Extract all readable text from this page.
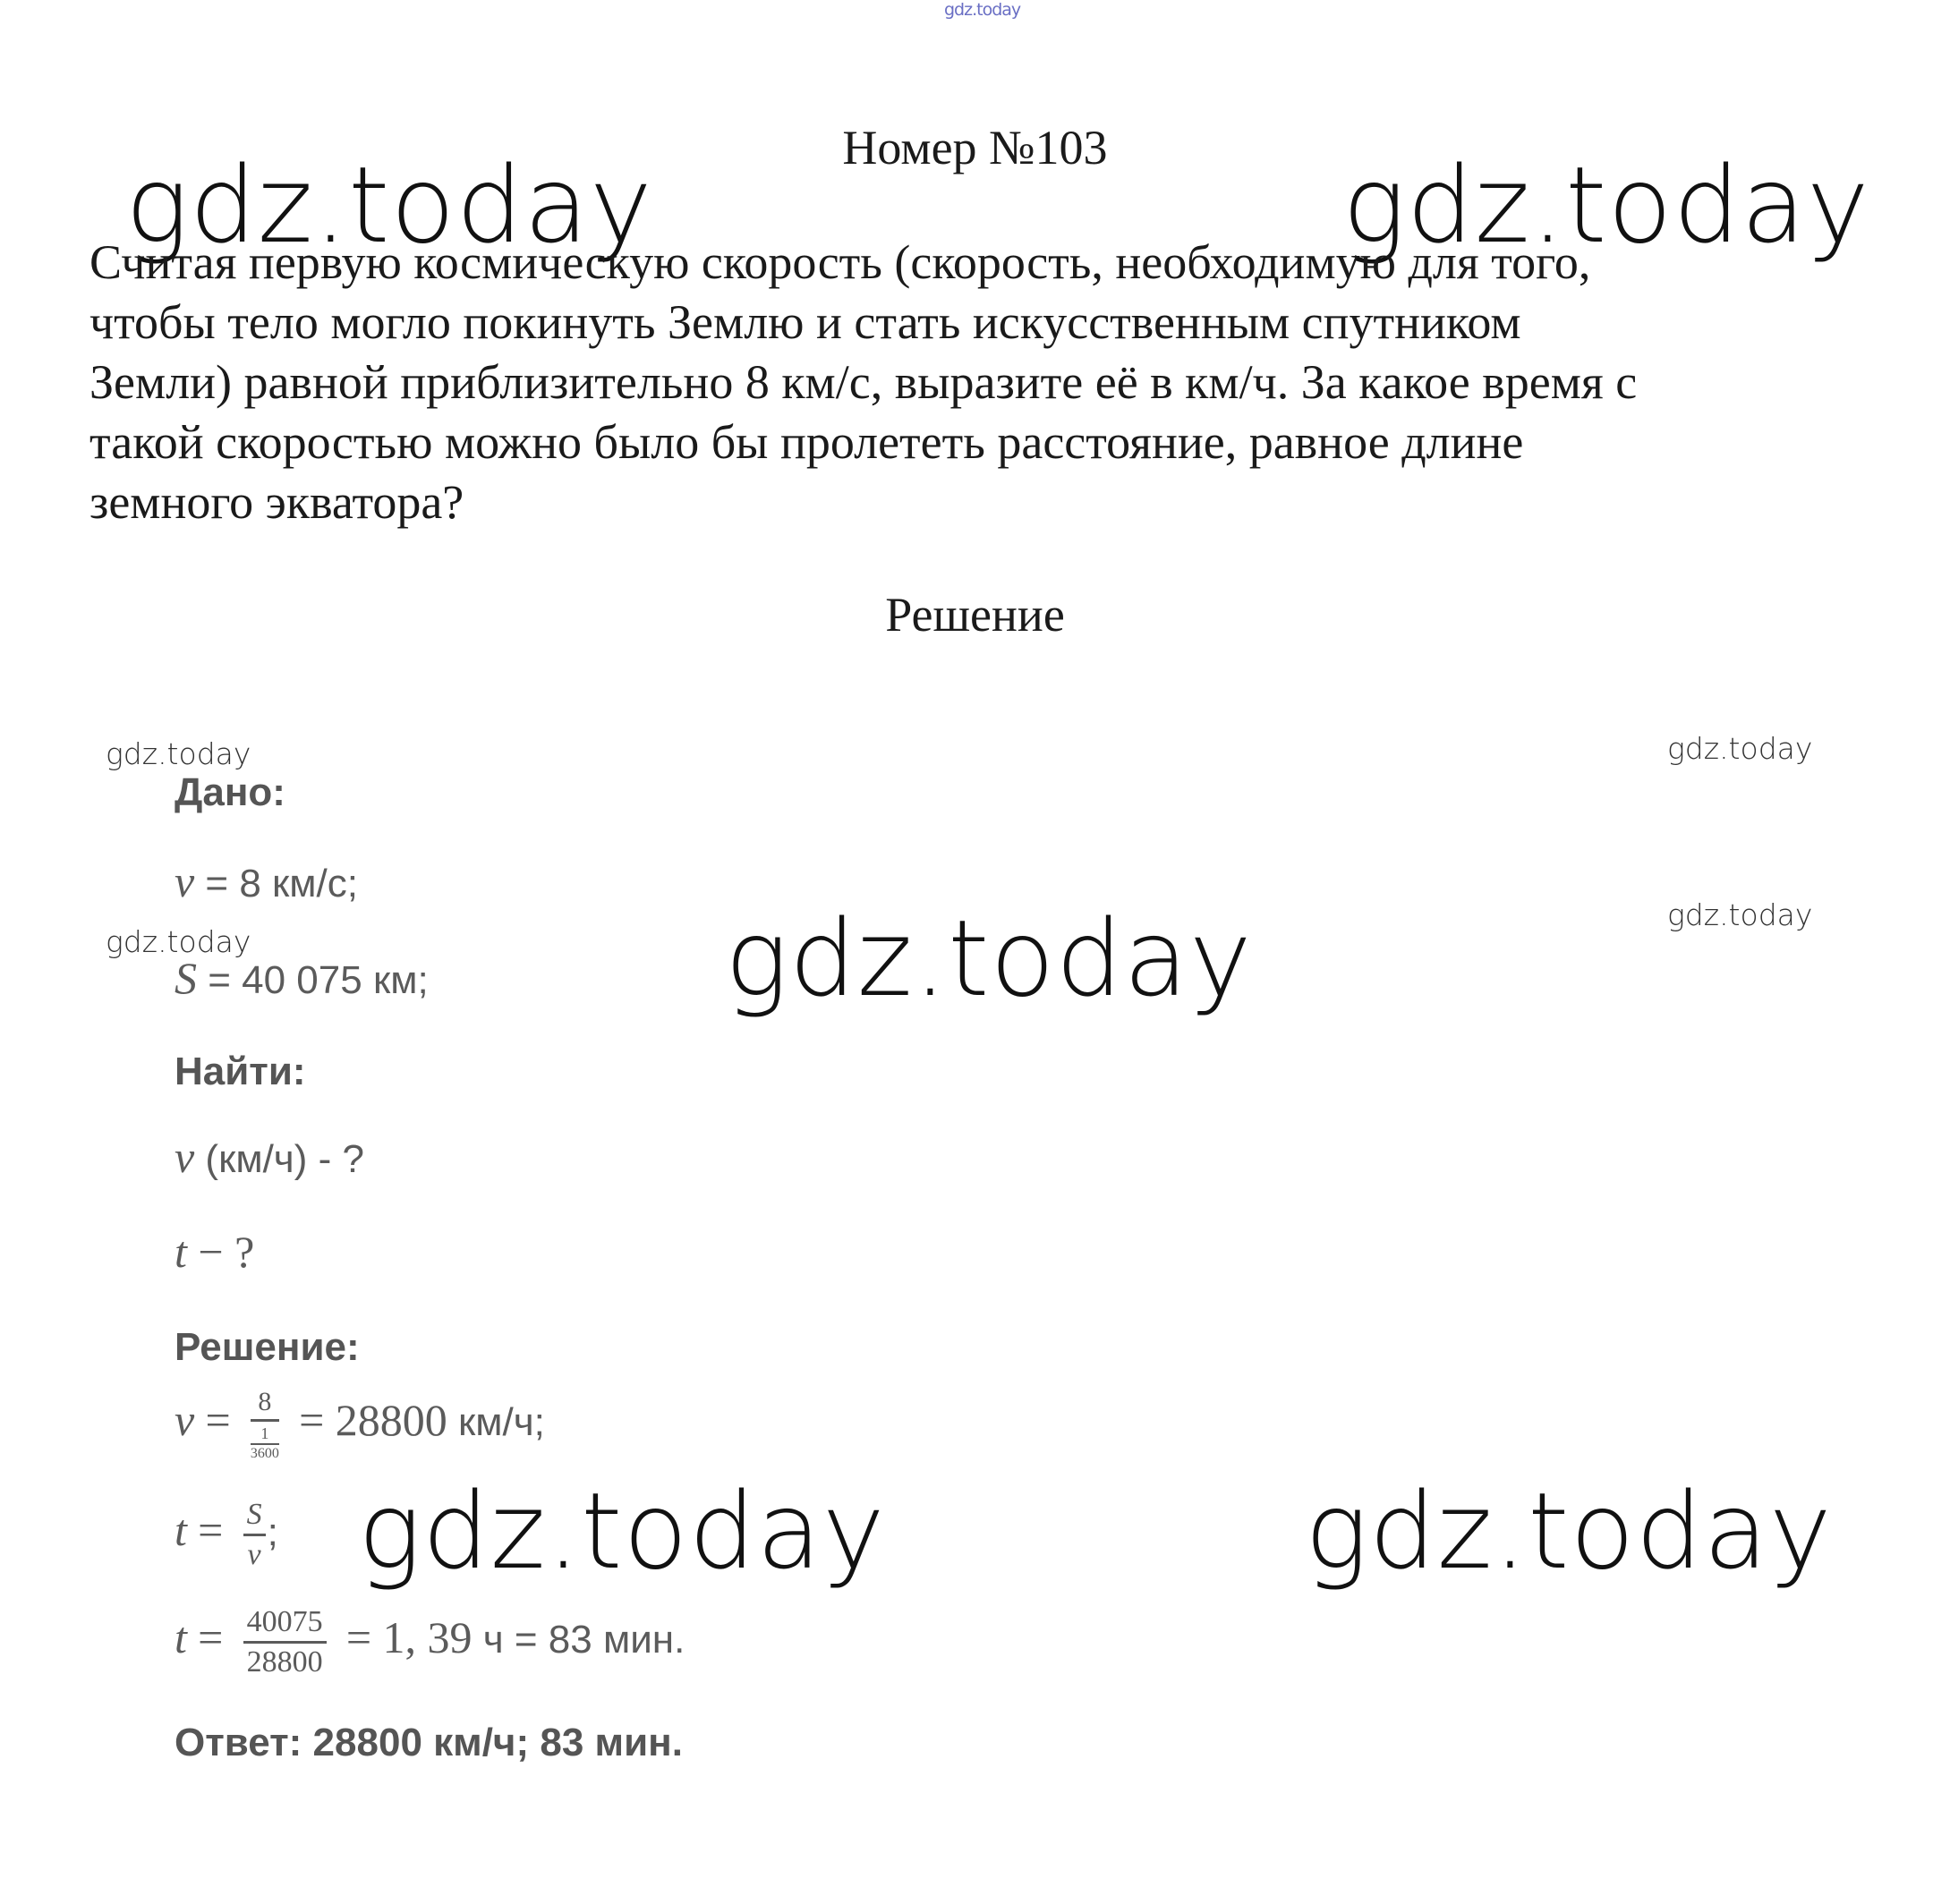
gdz.today
gdz.today	gdz.today
gdz.today	gdz.today
gdz.today
gdz.today
gdz.today
gdz.today	gdz.today
Номер №103

Считая первую космическую скорость (скорость, необходимую для того,

чтобы тело могло покинуть Землю и стать искусственным спутником

Земли) равной приблизительно 8 км/с, выразите её в км/ч. За какое время с

такой скоростью можно было бы пролететь расстояние, равное длине

земного экватора?

Решение
Дано:
v = 8 км/с;
S = 40 075 км;
Найти:
v (км/ч) - ?
t − ?
Решение:
$v = \frac{8}{\frac{1}{3600}} = 28800$ км/ч;
$t = \frac{S}{v}$ ;
$t = \frac{40075}{28800} = 1$, 39 ч = 83 мин.
Ответ: 28800 км/ч; 83 мин.
